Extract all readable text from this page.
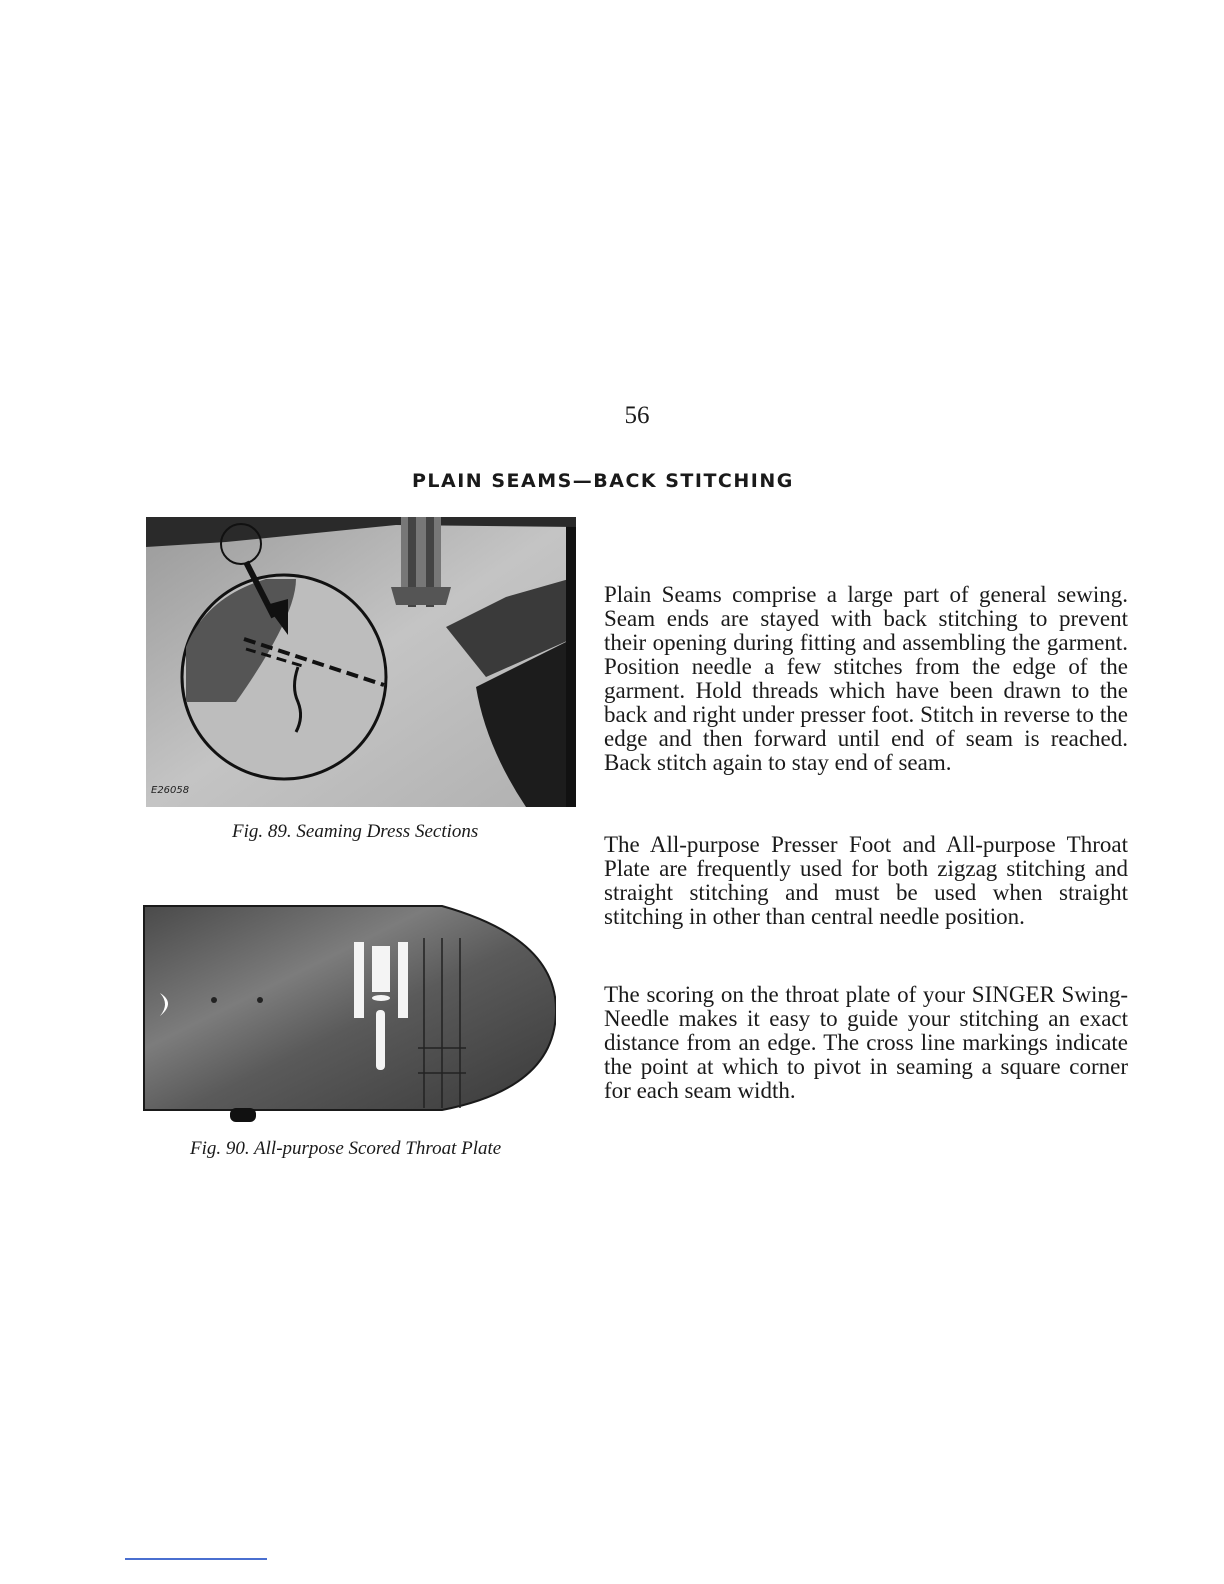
56
PLAIN SEAMS—BACK STITCHING
E26058
Fig. 89. Seaming Dress Sections
Fig. 90. All-purpose Scored Throat Plate

Plain Seams comprise a large part of general sewing. Seam ends are stayed with back stitching to prevent their opening during fitting and assembling the garment. Position needle a few stitches from the edge of the garment. Hold threads which have been drawn to the back and right under presser foot. Stitch in reverse to the edge and then forward until end of seam is reached. Back stitch again to stay end of seam.

The All-purpose Presser Foot and All-purpose Throat Plate are frequently used for both zigzag stitching and straight stitching and must be used when straight stitching in other than central needle position.

The scoring on the throat plate of your SINGER Swing-Needle makes it easy to guide your stitching an exact distance from an edge. The cross line markings indicate the point at which to pivot in seaming a square corner for each seam width.
